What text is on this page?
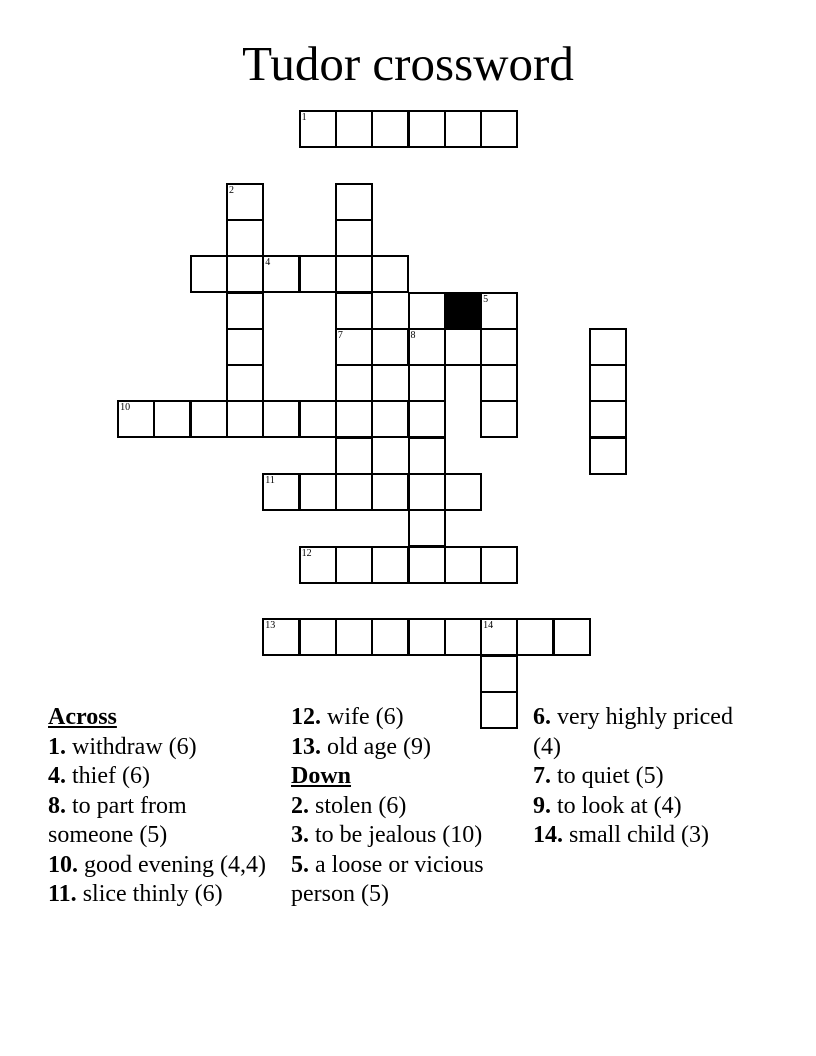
Tudor crossword
1
2
4
5
7	8
10
11
12
13	14
Across
1. withdraw (6)
4. thief (6)
8. to part from someone (5)
10. good evening (4,4)
11. slice thinly (6)
12. wife (6)
13. old age (9)
Down
2. stolen (6)
3. to be jealous (10)
5. a loose or vicious person (5)
6. very highly priced (4)
7. to quiet (5)
9. to look at (4)
14. small child (3)
